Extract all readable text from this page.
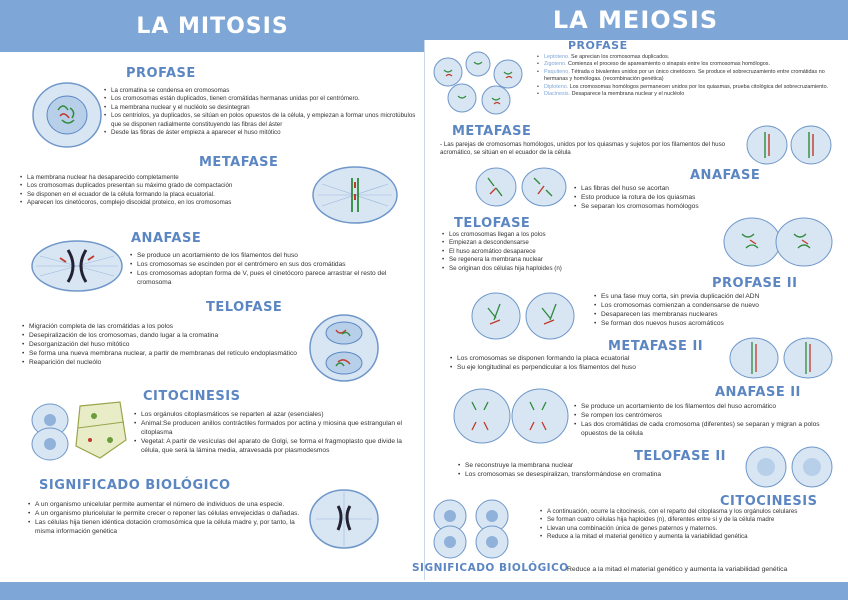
LA MITOSIS	LA MEIOSIS
PROFASE
• La cromatina se condensa en cromosomas
• Los cromosomas están duplicados, tienen cromátidas hermanas unidas por el centrómero.
• La membrana nuclear y el nucléolo se desintegran
• Los centriolos, ya duplicados, se sitúan en polos opuestos de la célula, y empiezan a formar unos microtúbulos que se disponen radialmente constituyendo las fibras del áster
• Desde las fibras de áster empieza a aparecer el huso mitótico
METAFASE
• La membrana nuclear ha desaparecido completamente
• Los cromosomas duplicados presentan su máximo grado de compactación
• Se disponen en el ecuador de la célula formando la placa ecuatorial.
• Aparecen los cinetócoros, complejo discoidal proteico, en los cromosomas
ANAFASE
• Se produce un acortamiento de los filamentos del huso
• Los cromosomas se escinden por el centrómero en sus dos cromátidas
• Los cromosomas adoptan forma de V, pues el cinetócoro parece arrastrar el resto del cromosoma
TELOFASE
• Migración completa de las cromátidas a los polos
• Desepiralización de los cromosomas, dando lugar a la cromatina
• Desorganización del huso mitótico
• Se forma una nueva membrana nuclear, a partir de membranas del retículo endoplasmático
• Reaparición del nucleólo
CITOCINESIS
• Los orgánulos citoplasmáticos se reparten al azar (esenciales)
• Animal:Se producen anillos contráctiles formados por actina y miosina que estrangulan el citoplasma
• Vegetal: A partir de vesículas del aparato de Golgi, se forma el fragmoplasto que divide la célula, que será la lámina media, atravesada por plasmodesmos
SIGNIFICADO BIOLÓGICO
• A un organismo unicelular permite aumentar el número de individuos de una especie.
• A un organismo pluricelular le permite crecer o reponer las células envejecidas o dañadas.
• Las células hija tienen idéntica dotación cromosómica que la célula madre y, por tanto, la misma información genética
PROFASE
• Leptoteno. Se aprecian los cromosomas duplicados.
• Zigoteno. Comienza el proceso de apareamiento o sinapsis entre los cromosomas homólogos.
• Paquiteno. Tétrada o bivalentes unidos por un único cinetócoro. Se produce el sobrecruzamiento entre cromátidas no hermanas y homólogas. (recombinación genética)
• Diploteno. Los cromosomas homólogos permanecen unidos por los quiasmas, prueba citológica del sobrecruzamiento.
• Diacinesis. Desaparece la membrana nuclear y el nucléolo
METAFASE
- Las parejas de cromosomas homólogos, unidos por los quiasmas y sujetos por los filamentos del huso acromático, se sitúan en el ecuador de la célula
ANAFASE
• Las fibras del huso se acortan
• Esto produce la rotura de los quiasmas
• Se separan los cromosomas homólogos
TELOFASE
• Los cromosomas llegan a los polos
• Empiezan a descondensarse
• El huso acromático desaparece
• Se regenera la membrana nuclear
• Se originan dos células hija haploides (n)
PROFASE II
• Es una fase muy corta, sin previa duplicación del ADN
• Los cromosomas comienzan a condensarse de nuevo
• Desaparecen las membranas nucleares
• Se forman dos nuevos husos acromáticos
METAFASE II
• Los cromosomas se disponen formando la placa ecuatorial
• Su eje longitudinal es perpendicular a los filamentos del huso
ANAFASE II
• Se produce un acortamiento de los filamentos del huso acromático
• Se rompen los centrómeros
• Las dos cromátidas de cada cromosoma (diferentes) se separan y migran a polos opuestos de la célula
TELOFASE II
• Se reconstruye la membrana nuclear
• Los cromosomas se desespiralizan, transformándose en cromatina
CITOCINESIS
• A continuación, ocurre la citocinesis, con el reparto del citoplasma y los orgánulos celulares
• Se forman cuatro células hija haploides (n), diferentes entre sí y de la célula madre
• Llevan una combinación única de genes paternos y maternos.
• Reduce a la mitad el material genético y aumenta la variabilidad genética
SIGNIFICADO BIOLÓGICO
Reduce a la mitad el material genético y aumenta la variabilidad genética
